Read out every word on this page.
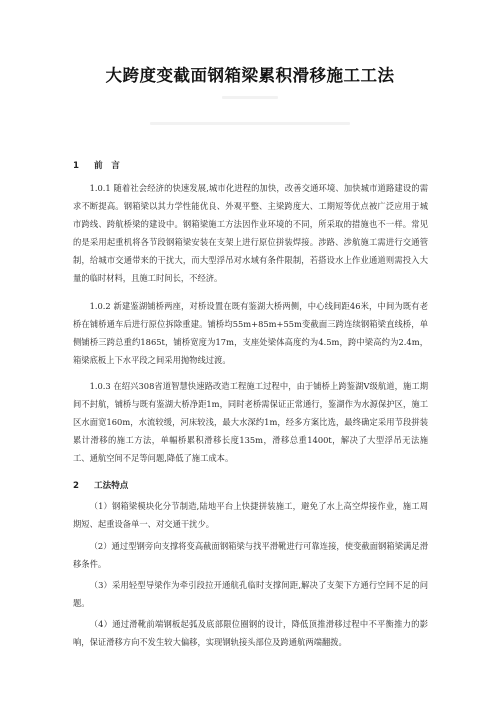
大跨度变截面钢箱梁累积滑移施工工法
1 前　言

1.0.1 随着社会经济的快速发展,城市化进程的加快，改善交通环境、加快城市道路建设的需求不断提高。钢箱梁以其力学性能优良、外观平整、主梁跨度大、工期短等优点被广泛应用于城市跨线、跨航桥梁的建设中。钢箱梁施工方法因作业环境的不同，所采取的措施也不一样。常见的是采用起重机将各节段钢箱梁安装在支架上进行原位拼装焊接。涉路、涉航施工需进行交通管制，给城市交通带来的干扰大，而大型浮吊对水域有条件限制，若搭设水上作业通道则需投入大量的临时材料，且施工时间长，不经济。

1.0.2 新建鉴湖铺桥两座，对桥设置在既有鉴湖大桥两侧，中心线间距46米，中间为既有老桥在铺桥通车后进行原位拆除重建。铺桥均55m+85m+55m变截面三跨连续钢箱梁直线桥，单侧铺桥三跨总重约1865t，铺桥宽度为17m，支座处梁体高度约为4.5m，跨中梁高约为2.4m，箱梁底板上下水平段之间采用抛物线过渡。

1.0.3 在绍兴308省道智慧快速路改造工程施工过程中，由于铺桥上跨鉴湖V级航道，施工期间不封航，铺桥与既有鉴湖大桥净距1m，同时老桥需保证正常通行，鉴湖作为水源保护区，施工区水面宽160m，水流较缓，河床较浅，最大水深约1m，经多方案比选，最终确定采用节段拼装累计滑移的施工方法，单幅桥累积滑移长度135m，滑移总重1400t，解决了大型浮吊无法施工、通航空间不足等问题,降低了施工成本。

2 工法特点

（1）钢箱梁模块化分节制造,陆地平台上快捷拼装施工，避免了水上高空焊接作业，施工周期短、起重设备单一、对交通干扰少。

（2）通过型钢旁向支撑将变高截面钢箱梁与找平滑靴进行可靠连接，使变截面钢箱梁满足滑移条件。

（3）采用轻型导梁作为牵引段拉开通航孔临时支撑间距,解决了支架下方通行空间不足的问题。

（4）通过滑靴前端钢板起弧及底部限位圈钢的设计，降低顶推滑移过程中不平衡推力的影响，保证滑移方向不发生较大偏移，实现钢轨接头部位及跨通航两端翻拨。
